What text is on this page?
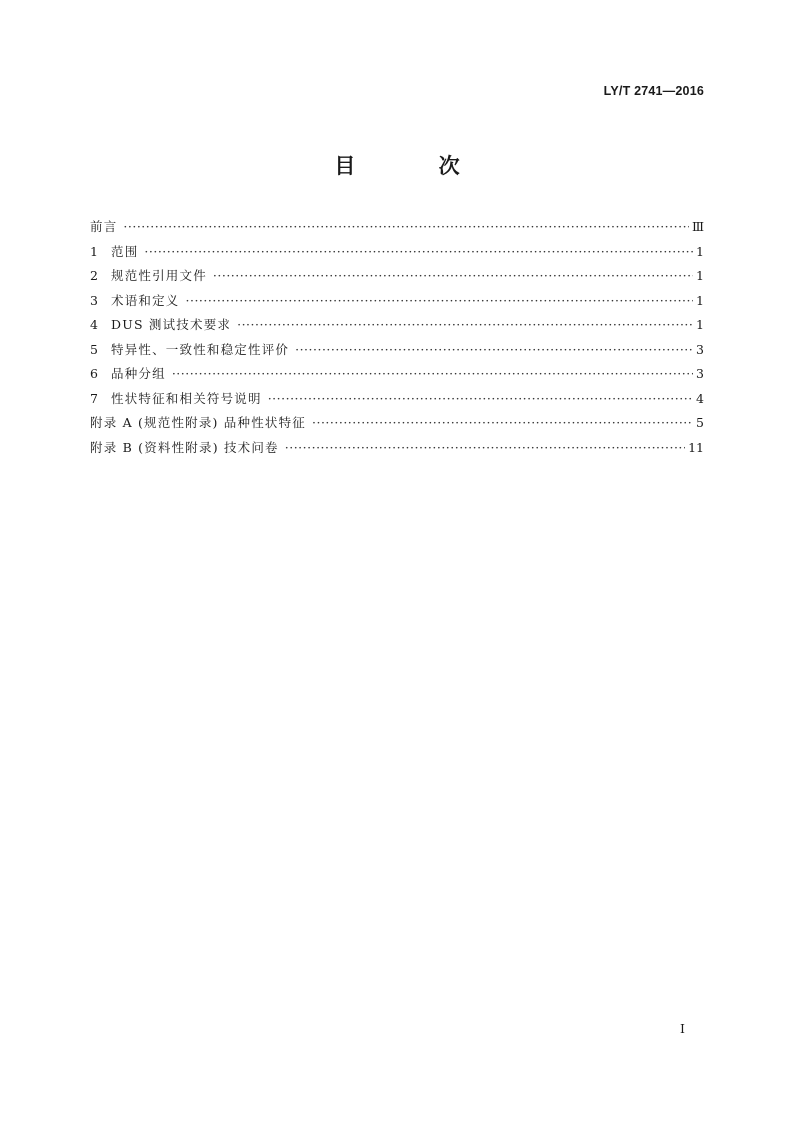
LY/T 2741—2016
目 次
前言 ·····	Ⅲ
1	范围 ·····	1
2	规范性引用文件 ·····	1
3	术语和定义 ·····	1
4	DUS 测试技术要求 ·····	1
5	特异性、一致性和稳定性评价 ·····	3
6	品种分组 ·····	3
7	性状特征和相关符号说明 ·····	4
附录 A (规范性附录) 品种性状特征 ·····	5
附录 B (资料性附录) 技术问卷 ·····	11
I
